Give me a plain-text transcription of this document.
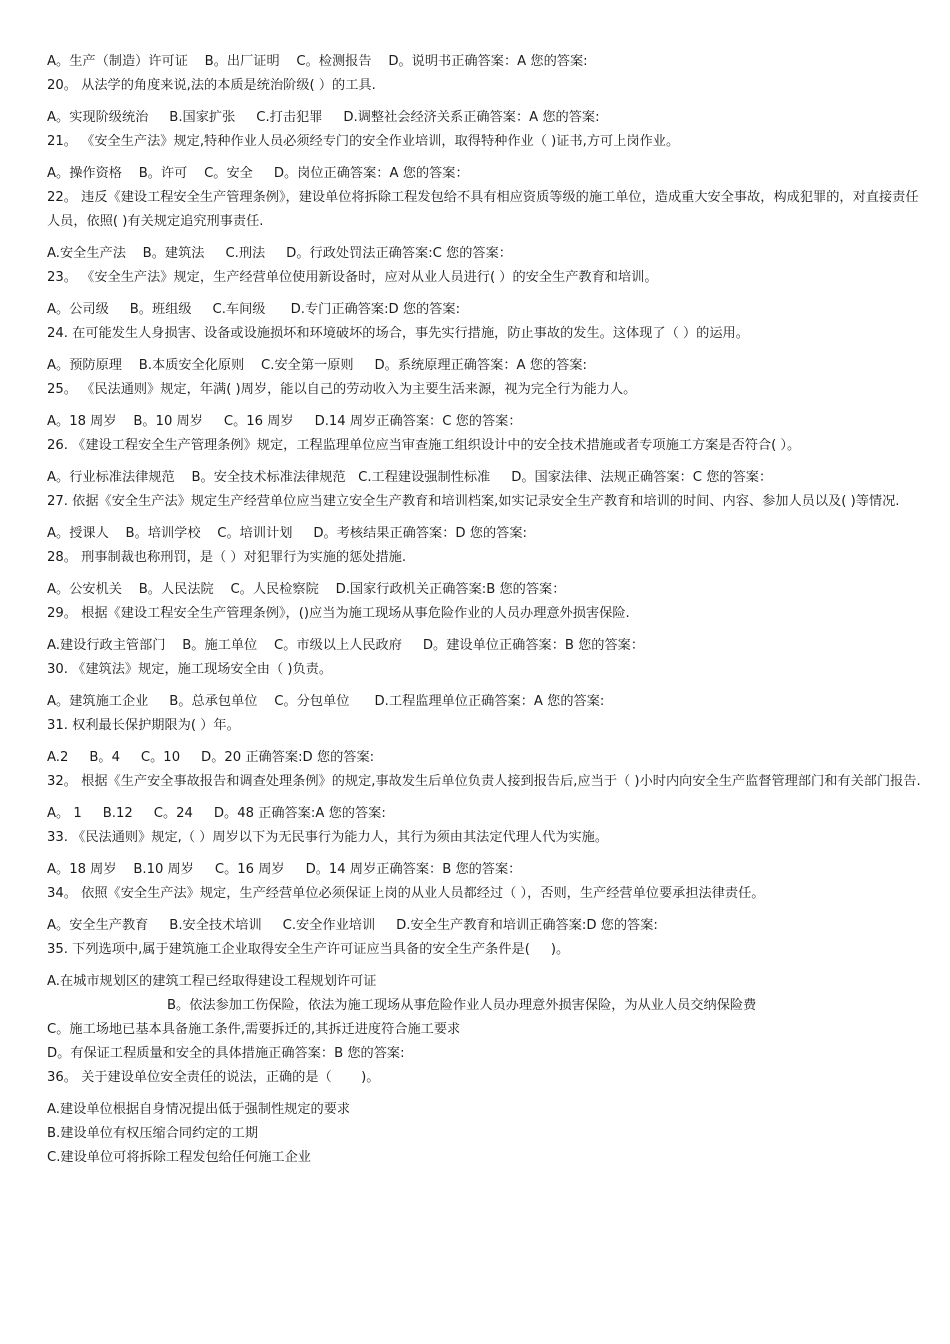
A。生产（制造）许可证    B。出厂证明    C。检测报告    D。说明书正确答案：A 您的答案:

20。 从法学的角度来说,法的本质是统治阶级( ）的工具.

A。实现阶级统治     B.国家扩张     C.打击犯罪     D.调整社会经济关系正确答案：A 您的答案:

21。 《安全生产法》规定,特种作业人员必须经专门的安全作业培训，取得特种作业（ )证书,方可上岗作业。

A。操作资格    B。许可    C。安全     D。岗位正确答案：A 您的答案：

22。 违反《建设工程安全生产管理条例》，建设单位将拆除工程发包给不具有相应资质等级的施工单位，造成重大安全事故，构成犯罪的，对直接责任人员，依照( )有关规定追究刑事责任.

A.安全生产法    B。建筑法     C.刑法     D。行政处罚法正确答案:C 您的答案：

23。 《安全生产法》规定，生产经营单位使用新设备时，应对从业人员进行( ）的安全生产教育和培训。

A。公司级     B。班组级     C.车间级      D.专门正确答案:D 您的答案:

24. 在可能发生人身损害、设备或设施损坏和环境破坏的场合，事先实行措施，防止事故的发生。这体现了（ ）的运用。

A。预防原理    B.本质安全化原则    C.安全第一原则     D。系统原理正确答案：A 您的答案:

25。 《民法通则》规定，年满( )周岁，能以自己的劳动收入为主要生活来源，视为完全行为能力人。

A。18 周岁    B。10 周岁     C。16 周岁     D.14 周岁正确答案：C 您的答案：

26. 《建设工程安全生产管理条例》规定，工程监理单位应当审查施工组织设计中的安全技术措施或者专项施工方案是否符合( ）。

A。行业标准法律规范    B。安全技术标准法律规范   C.工程建设强制性标准     D。国家法律、法规正确答案：C 您的答案：

27. 依据《安全生产法》规定生产经营单位应当建立安全生产教育和培训档案,如实记录安全生产教育和培训的时间、内容、参加人员以及( )等情况.

A。授课人    B。培训学校    C。培训计划     D。考核结果正确答案：D 您的答案:

28。 刑事制裁也称刑罚，是（ ）对犯罪行为实施的惩处措施.

A。公安机关    B。人民法院    C。人民检察院    D.国家行政机关正确答案:B 您的答案：

29。 根据《建设工程安全生产管理条例》，()应当为施工现场从事危险作业的人员办理意外损害保险.

A.建设行政主管部门    B。施工单位    C。市级以上人民政府     D。建设单位正确答案：B 您的答案：

30. 《建筑法》规定，施工现场安全由（ )负责。

A。建筑施工企业     B。总承包单位    C。分包单位      D.工程监理单位正确答案：A 您的答案:

31. 权利最长保护期限为( ）年。

A.2     B。4     C。10     D。20 正确答案:D 您的答案:

32。 根据《生产安全事故报告和调查处理条例》的规定,事故发生后单位负责人接到报告后,应当于（ )小时内向安全生产监督管理部门和有关部门报告.

A。 1     B.12     C。24     D。48 正确答案:A 您的答案:

33. 《民法通则》规定,（ ）周岁以下为无民事行为能力人，其行为须由其法定代理人代为实施。

A。18 周岁    B.10 周岁     C。16 周岁     D。14 周岁正确答案：B 您的答案：

34。 依照《安全生产法》规定，生产经营单位必须保证上岗的从业人员都经过（ ），否则，生产经营单位要承担法律责任。

A。安全生产教育     B.安全技术培训     C.安全作业培训     D.安全生产教育和培训正确答案:D 您的答案:

35. 下列选项中,属于建筑施工企业取得安全生产许可证应当具备的安全生产条件是(     )。

A.在城市规划区的建筑工程已经取得建设工程规划许可证

B。依法参加工伤保险，依法为施工现场从事危险作业人员办理意外损害保险，为从业人员交纳保险费

C。施工场地已基本具备施工条件,需要拆迁的,其拆迁进度符合施工要求

D。有保证工程质量和安全的具体措施正确答案：B 您的答案:

36。 关于建设单位安全责任的说法，正确的是（       )。

A.建设单位根据自身情况提出低于强制性规定的要求

B.建设单位有权压缩合同约定的工期

C.建设单位可将拆除工程发包给任何施工企业
